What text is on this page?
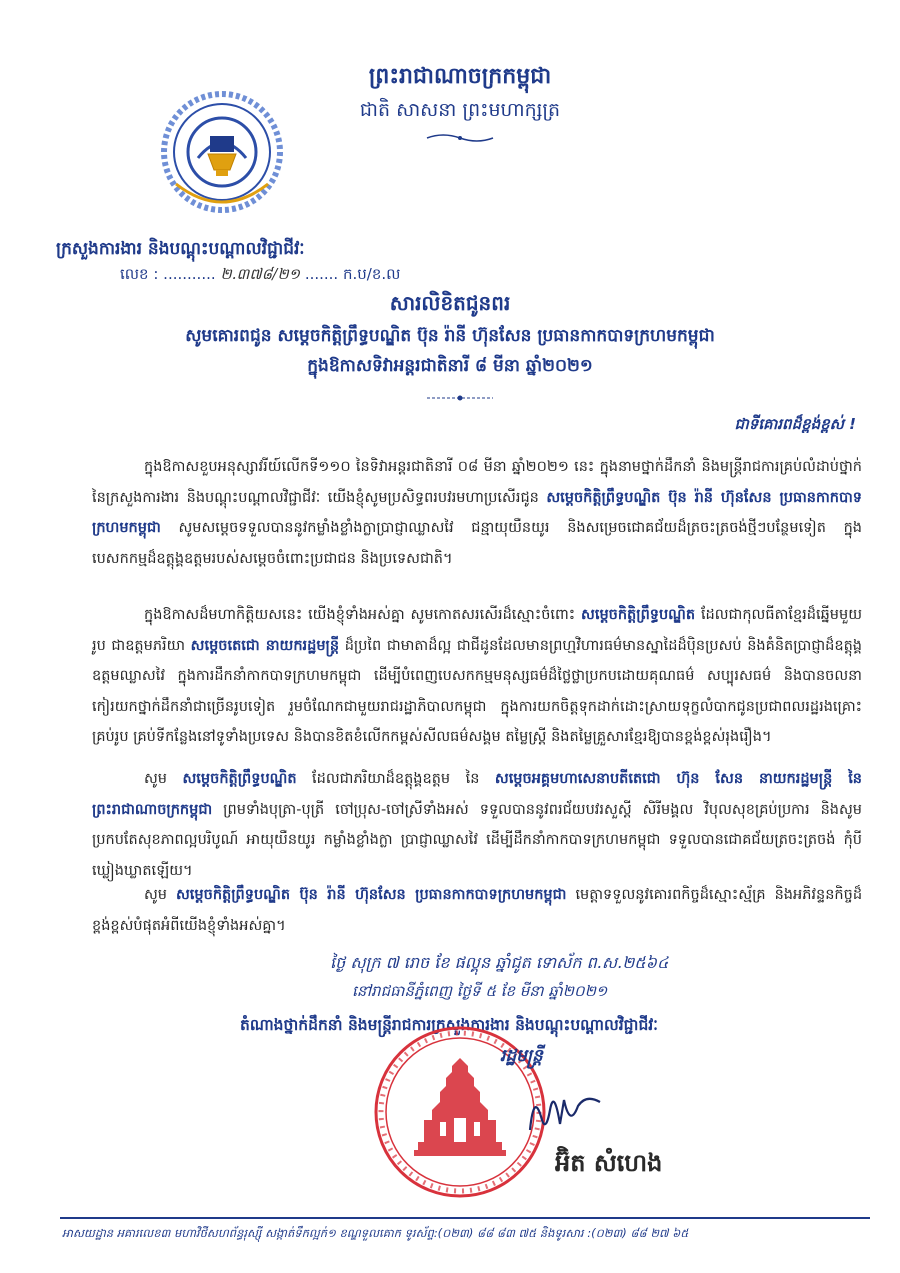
ព្រះរាជាណាចក្រកម្ពុជា
ជាតិ សាសនា ព្រះមហាក្សត្រ
ក្រសួងការងារ និងបណ្តុះបណ្តាលវិជ្ជាជីវៈ
លេខ : ........... ២.៣៧៨/២១ ....... ក.ប/ខ.ល
សារលិខិតជូនពរ
សូមគោរពជូន សម្តេចកិត្តិព្រឹទ្ធបណ្ឌិត ប៊ុន រ៉ានី ហ៊ុនសែន ប្រធានកាកបាទក្រហមកម្ពុជា
ក្នុងឱកាសទិវាអន្តរជាតិនារី ៨ មីនា ឆ្នាំ២០២១
ជាទីគោរពដ៏ខ្ពង់ខ្ពស់ !
ក្នុងឱកាសខួបអនុស្សាវរីយ៍លើកទី១១០ នៃទិវាអន្តរជាតិនារី ០៨ មីនា ឆ្នាំ២០២១ នេះ ក្នុងនាមថ្នាក់ដឹកនាំ និងមន្ត្រីរាជការគ្រប់លំដាប់ថ្នាក់នៃក្រសួងការងារ និងបណ្តុះបណ្តាលវិជ្ជាជីវៈ យើងខ្ញុំសូមប្រសិទ្ធពរបវរមហាប្រសើរជូន សម្តេចកិត្តិព្រឹទ្ធបណ្ឌិត ប៊ុន រ៉ានី ហ៊ុនសែន ប្រធានកាកបាទក្រហមកម្ពុជា សូមសម្តេចទទួលបាននូវកម្លាំងខ្លាំងក្លាប្រាជ្ញាឈ្លាសវៃ ជន្មាយុយឺនយូរ និងសម្រេចជោគជ័យដ៏ត្រចះត្រចង់ថ្មីៗបន្ថែមទៀត ក្នុងបេសកកម្មដ៏ឧត្តុង្គឧត្តមរបស់សម្តេចចំពោះប្រជាជន និងប្រទេសជាតិ។
ក្នុងឱកាសដ៏មហាកិត្តិយសនេះ យើងខ្ញុំទាំងអស់គ្នា សូមកោតសរសើរដ៏ស្មោះចំពោះ សម្តេចកិត្តិព្រឹទ្ធបណ្ឌិត ដែលជាកុលធីតាខ្មែរដ៏ឆ្នើមមួយរូប ជាឧត្តមភរិយា សម្តេចតេជោ នាយករដ្ឋមន្ត្រី ដ៏ប្រពៃ ជាមាតាដ៏ល្អ ជាជីដូនដែលមានព្រហ្មវិហារធម៌មានស្នាដៃដ៏ប៉ិនប្រសប់ និងគំនិតប្រាជ្ញាដ៏ឧត្តុង្គឧត្តមឈ្លាសវៃ ក្នុងការដឹកនាំកាកបាទក្រហមកម្ពុជា ដើម្បីបំពេញបេសកកម្មមនុស្សធម៌ដ៏ថ្លៃថ្លាប្រកបដោយគុណធម៌ សប្បុរសធម៌ និងបានចលនាកៀរយកថ្នាក់ដឹកនាំជាច្រើនរូបទៀត រួមចំណែកជាមួយរាជរដ្ឋាភិបាលកម្ពុជា ក្នុងការយកចិត្តទុកដាក់ដោះស្រាយទុក្ខលំបាកជូនប្រជាពលរដ្ឋរងគ្រោះគ្រប់រូប គ្រប់ទីកន្លែងនៅទូទាំងប្រទេស និងបានខិតខំលើកកម្ពស់សីលធម៌សង្គម តម្លៃស្ត្រី និងតម្លៃគ្រួសារខ្មែរឱ្យបានខ្ពង់ខ្ពស់រុងរឿង។
សូម សម្តេចកិត្តិព្រឹទ្ធបណ្ឌិត ដែលជាភរិយាដ៏ឧត្តុង្គឧត្តម នៃ សម្តេចអគ្គមហាសេនាបតីតេជោ ហ៊ុន សែន នាយករដ្ឋមន្ត្រី នៃព្រះរាជាណាចក្រកម្ពុជា ព្រមទាំងបុត្រា-បុត្រី ចៅប្រុស-ចៅស្រីទាំងអស់ ទទួលបាននូវពរជ័យបវរសួស្តី សិរីមង្គល វិបុលសុខគ្រប់ប្រការ និងសូមប្រកបតែសុខភាពល្អបរិបូណ៍ អាយុយឺនយូរ កម្លាំងខ្លាំងក្លា ប្រាជ្ញាឈ្លាសវៃ ដើម្បីដឹកនាំកាកបាទក្រហមកម្ពុជា ទទួលបានជោគជ័យត្រចះត្រចង់ កុំបីឃ្លៀងឃ្លាតឡើយ។
សូម សម្តេចកិត្តិព្រឹទ្ធបណ្ឌិត ប៊ុន រ៉ានី ហ៊ុនសែន ប្រធានកាកបាទក្រហមកម្ពុជា មេត្តាទទួលនូវគោរពកិច្ចដ៏ស្មោះស្ម័គ្រ និងអភិវន្ទនកិច្ចដ៏ខ្ពង់ខ្ពស់បំផុតអំពីយើងខ្ញុំទាំងអស់គ្នា។
ថ្ងៃ សុក្រ ៧ រោច ខែ ផល្គុន ឆ្នាំជូត ទោស័ក ព.ស.២៥៦៤
នៅរាជធានីភ្នំពេញ ថ្ងៃទី ៥ ខែ មីនា ឆ្នាំ២០២១
តំណាងថ្នាក់ដឹកនាំ និងមន្ត្រីរាជការក្រសួងការងារ និងបណ្តុះបណ្តាលវិជ្ជាជីវៈ
រដ្ឋមន្ត្រី
អ៊ិត សំហេង
អាសយដ្ឋាន អគារលេខ៣ មហាវិថីសហព័ន្ធរុស្ស៊ី សង្កាត់ទឹកល្អក់១ ខណ្ឌទួលគោក ទូរស័ព្ទ:(០២៣) ៨៨ ៨៣ ៧៥ និងទូរសារ :(០២៣) ៨៨ ២៧ ៦៥
